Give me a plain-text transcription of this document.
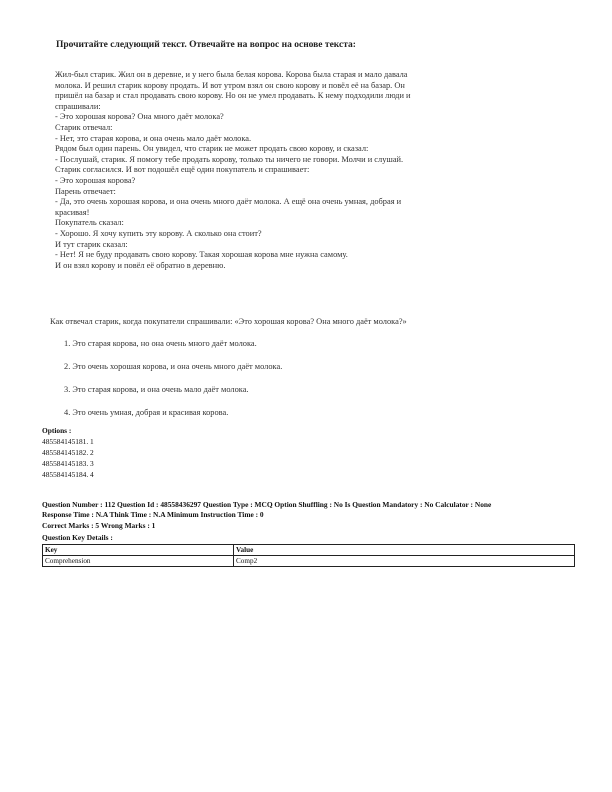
Прочитайте следующий текст. Отвечайте на вопрос на основе текста:
Жил-был старик. Жил он в деревне, и у него была белая корова. Корова была старая и мало давала
молока. И решил старик корову продать. И вот утром взял он свою корову и повёл её на базар. Он
пришёл на базар и стал продавать свою корову. Но он не умел продавать. К нему подходили люди и
спрашивали:
- Это хорошая корова? Она много даёт молока?
Старик отвечал:
- Нет, это старая корова, и она очень мало даёт молока.
Рядом был один парень. Он увидел, что старик не может продать свою корову, и сказал:
- Послушай, старик. Я помогу тебе продать корову, только ты ничего не говори. Молчи и слушай.
Старик согласился. И вот подошёл ещё один покупатель и спрашивает:
- Это хорошая корова?
Парень отвечает:
- Да, это очень хорошая корова, и она очень много даёт молока. А ещё она очень умная, добрая и
красивая!
Покупатель сказал:
- Хорошо. Я хочу купить эту корову. А сколько она стоит?
И тут старик сказал:
- Нет! Я не буду продавать свою корову. Такая хорошая корова мне нужна самому.
И он взял корову и повёл её обратно в деревню.
Как отвечал старик, когда покупатели спрашивали: «Это хорошая корова? Она много даёт молока?»
1. Это старая корова, но она очень много даёт молока.
2. Это очень хорошая корова, и она очень много даёт молока.
3. Это старая корова, и она очень мало даёт молока.
4. Это очень умная, добрая и красивая корова.
Options :
485584145181. 1
485584145182. 2
485584145183. 3
485584145184. 4
Question Number : 112 Question Id : 48558436297 Question Type : MCQ Option Shuffling : No Is Question Mandatory : No Calculator : None
Response Time : N.A Think Time : N.A Minimum Instruction Time : 0
Correct Marks : 5 Wrong Marks : 1
Question Key Details :
Key	Value
Comprehension	Comp2
